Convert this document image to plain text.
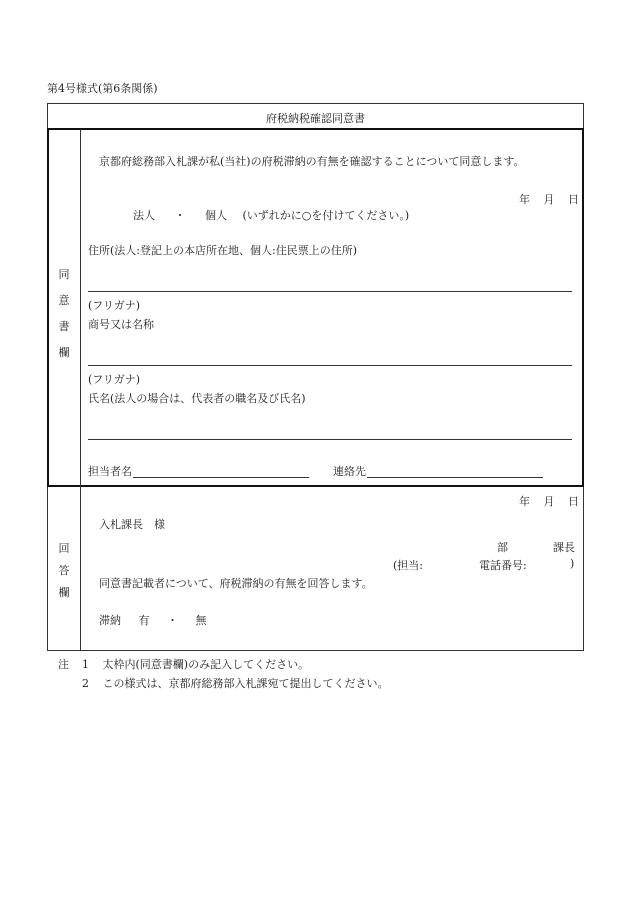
第4号様式(第6条関係)
府税納税確認同意書
同
意
書
欄
京都府総務部入札課が私(当社)の府税滞納の有無を確認することについて同意します。
年 月 日
法人 ・ 個人 (いずれかに○を付けてください。)
住所(法人:登記上の本店所在地、個人:住民票上の住所)
(フリガナ)
商号又は名称
(フリガナ)
氏名(法人の場合は、代表者の職名及び氏名)
担当者名	連絡先
回
答
欄
年 月 日
入札課長　様
部	課長
(担当:	電話番号:	)
同意書記載者について、府税滞納の有無を回答します。
滞納 有 ・ 無
注 1 太枠内(同意書欄)のみ記入してください。
2 この様式は、京都府総務部入札課宛て提出してください。
